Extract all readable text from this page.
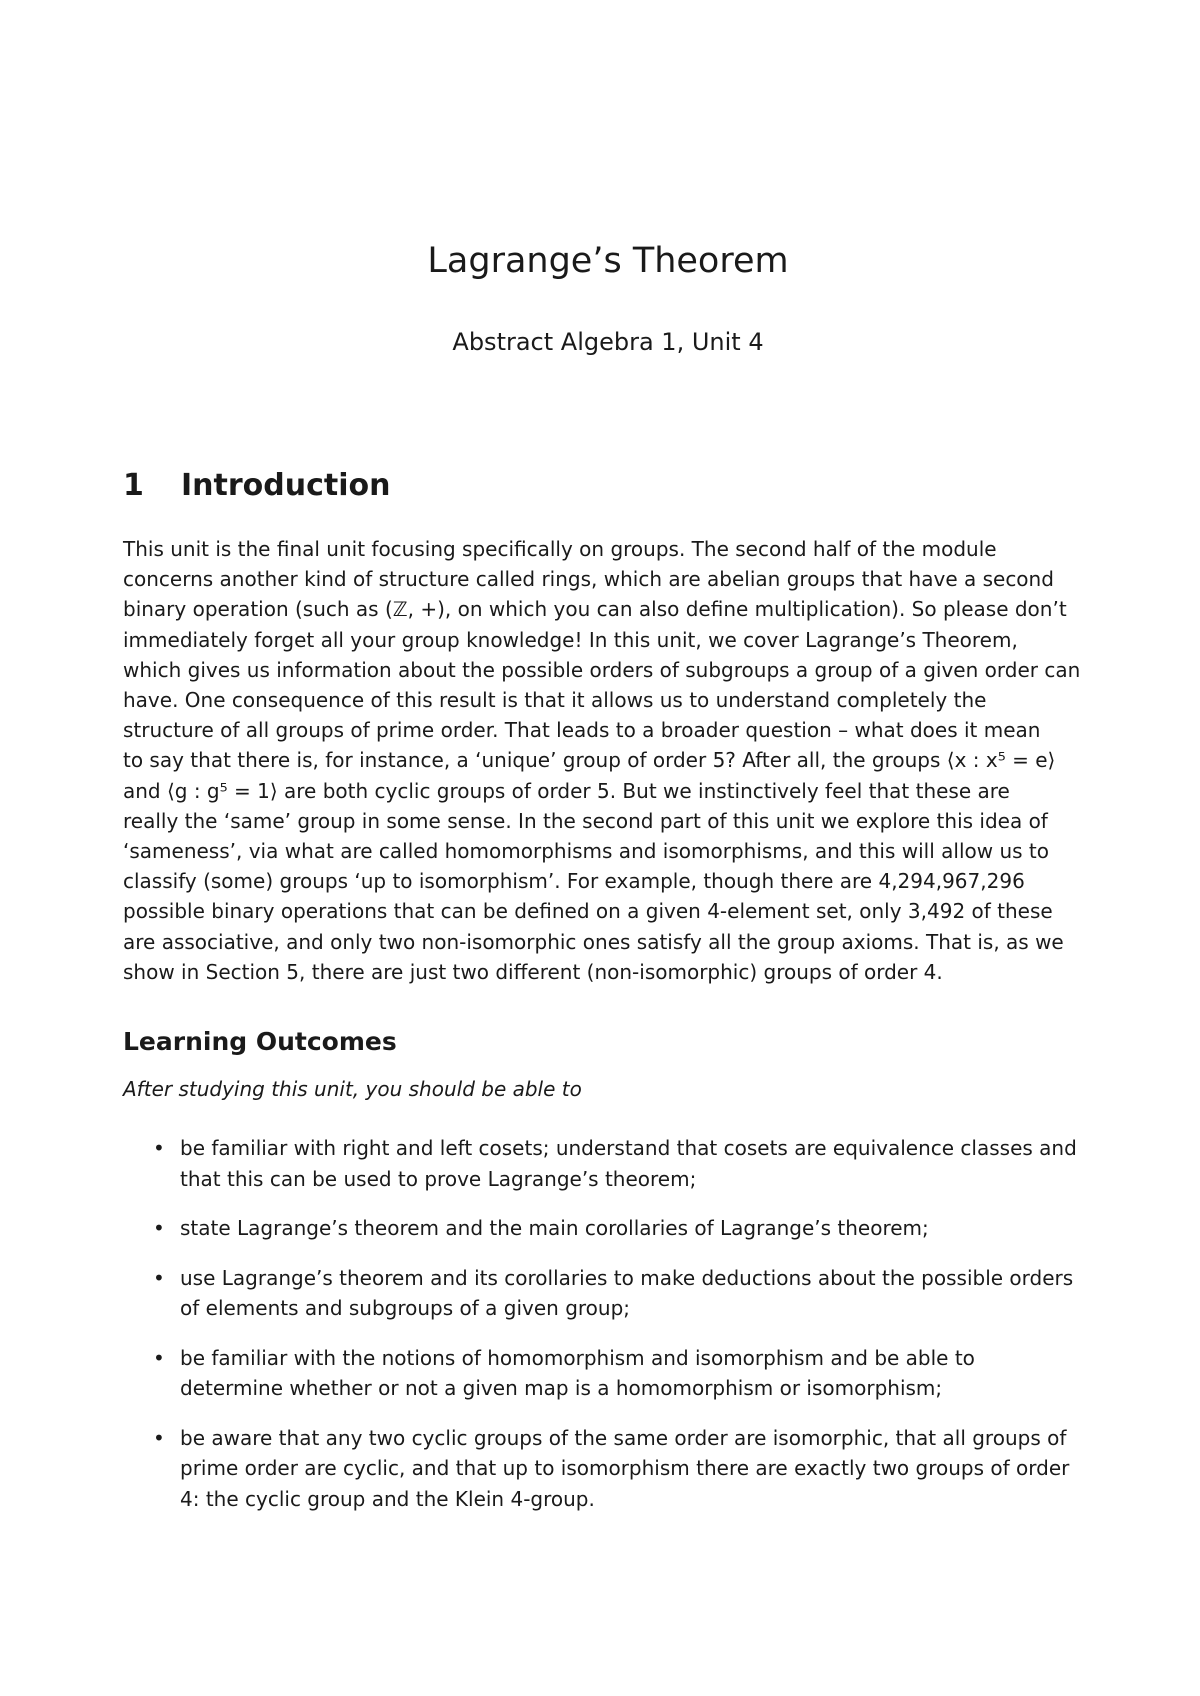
Lagrange’s Theorem
Abstract Algebra 1, Unit 4
1 Introduction

This unit is the final unit focusing specifically on groups. The second half of the module
concerns another kind of structure called rings, which are abelian groups that have a second
binary operation (such as (ℤ, +), on which you can also define multiplication). So please don’t
immediately forget all your group knowledge! In this unit, we cover Lagrange’s Theorem,
which gives us information about the possible orders of subgroups a group of a given order can
have. One consequence of this result is that it allows us to understand completely the
structure of all groups of prime order. That leads to a broader question – what does it mean
to say that there is, for instance, a ‘unique’ group of order 5? After all, the groups ⟨x : x⁵ = e⟩
and ⟨g : g⁵ = 1⟩ are both cyclic groups of order 5. But we instinctively feel that these are
really the ‘same’ group in some sense. In the second part of this unit we explore this idea of
‘sameness’, via what are called homomorphisms and isomorphisms, and this will allow us to
classify (some) groups ‘up to isomorphism’. For example, though there are 4,294,967,296
possible binary operations that can be defined on a given 4-element set, only 3,492 of these
are associative, and only two non-isomorphic ones satisfy all the group axioms. That is, as we
show in Section 5, there are just two different (non-isomorphic) groups of order 4.

Learning Outcomes

After studying this unit, you should be able to

• be familiar with right and left cosets; understand that cosets are equivalence classes and
that this can be used to prove Lagrange’s theorem;
• state Lagrange’s theorem and the main corollaries of Lagrange’s theorem;
• use Lagrange’s theorem and its corollaries to make deductions about the possible orders
of elements and subgroups of a given group;
• be familiar with the notions of homomorphism and isomorphism and be able to
determine whether or not a given map is a homomorphism or isomorphism;
• be aware that any two cyclic groups of the same order are isomorphic, that all groups of
prime order are cyclic, and that up to isomorphism there are exactly two groups of order
4: the cyclic group and the Klein 4-group.
